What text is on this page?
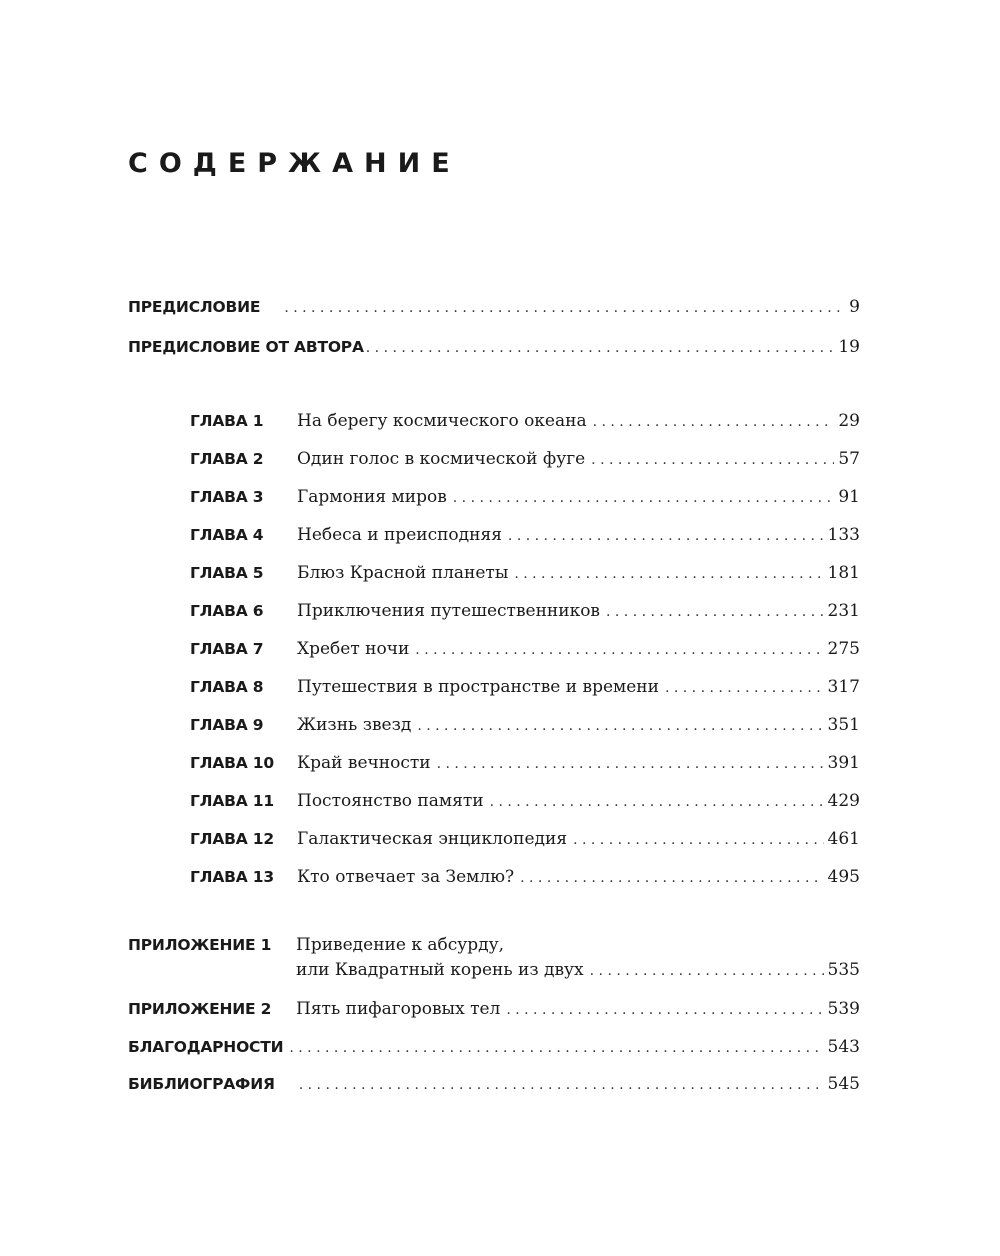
СОДЕРЖАНИЕ
ПРЕДИСЛОВИЕ . . .	9
ПРЕДИСЛОВИЕ ОТ АВТОРА . . .	19
ГЛАВА 1	На берегу космического океана . . .	29
ГЛАВА 2	Один голос в космической фуге . . .	57
ГЛАВА 3	Гармония миров . . .	91
ГЛАВА 4	Небеса и преисподняя . . .	133
ГЛАВА 5	Блюз Красной планеты . . .	181
ГЛАВА 6	Приключения путешественников . . .	231
ГЛАВА 7	Хребет ночи . . .	275
ГЛАВА 8	Путешествия в пространстве и времени . . .	317
ГЛАВА 9	Жизнь звезд . . .	351
ГЛАВА 10	Край вечности . . .	391
ГЛАВА 11	Постоянство памяти . . .	429
ГЛАВА 12	Галактическая энциклопедия . . .	461
ГЛАВА 13	Кто отвечает за Землю? . . .	495
ПРИЛОЖЕНИЕ 1	Приведение к абсурду,
или Квадратный корень из двух . . .	535
ПРИЛОЖЕНИЕ 2	Пять пифагоровых тел . . .	539
БЛАГОДАРНОСТИ . . .	543
БИБЛИОГРАФИЯ . . .	545
